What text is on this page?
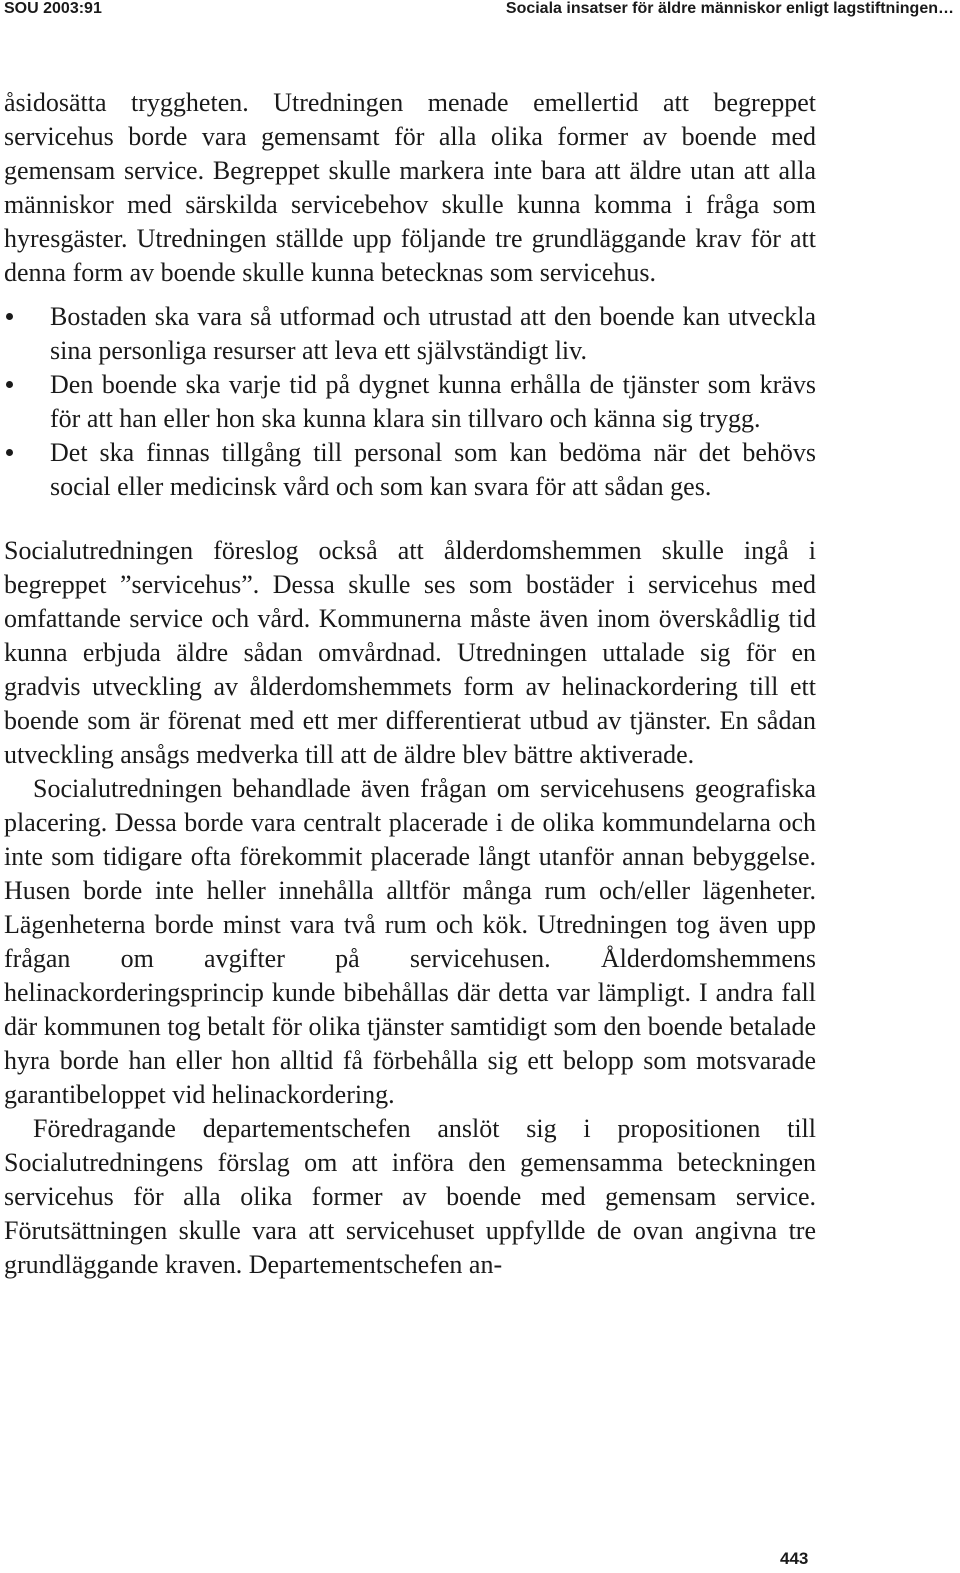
SOU 2003:91	Sociala insatser för äldre människor enligt lagstiftningen…

åsidosätta tryggheten. Utredningen menade emellertid att begreppet servicehus borde vara gemensamt för alla olika former av boende med gemensam service. Begreppet skulle markera inte bara att äldre utan att alla människor med särskilda servicebehov skulle kunna komma i fråga som hyresgäster. Utredningen ställde upp följande tre grundläggande krav för att denna form av boende skulle kunna betecknas som servicehus.

Bostaden ska vara så utformad och utrustad att den boende kan utveckla sina personliga resurser att leva ett självständigt liv.
Den boende ska varje tid på dygnet kunna erhålla de tjänster som krävs för att han eller hon ska kunna klara sin tillvaro och känna sig trygg.
Det ska finnas tillgång till personal som kan bedöma när det behövs social eller medicinsk vård och som kan svara för att sådan ges.

Socialutredningen föreslog också att ålderdomshemmen skulle ingå i begreppet ”servicehus”. Dessa skulle ses som bostäder i servicehus med omfattande service och vård. Kommunerna måste även inom överskådlig tid kunna erbjuda äldre sådan omvårdnad. Utredningen uttalade sig för en gradvis utveckling av ålderdomshemmets form av helinackordering till ett boende som är förenat med ett mer differentierat utbud av tjänster. En sådan utveckling ansågs medverka till att de äldre blev bättre aktiverade.

Socialutredningen behandlade även frågan om servicehusens geografiska placering. Dessa borde vara centralt placerade i de olika kommundelarna och inte som tidigare ofta förekommit placerade långt utanför annan bebyggelse. Husen borde inte heller innehålla alltför många rum och/eller lägenheter. Lägenheterna borde minst vara två rum och kök. Utredningen tog även upp frågan om avgifter på servicehusen. Ålderdomshemmens helinackorderingsprincip kunde bibehållas där detta var lämpligt. I andra fall där kommunen tog betalt för olika tjänster samtidigt som den boende betalade hyra borde han eller hon alltid få förbehålla sig ett belopp som motsvarade garantibeloppet vid helinackordering.

Föredragande departementschefen anslöt sig i propositionen till Socialutredningens förslag om att införa den gemensamma beteckningen servicehus för alla olika former av boende med gemensam service. Förutsättningen skulle vara att servicehuset uppfyllde de ovan angivna tre grundläggande kraven. Departementschefen an-

443
